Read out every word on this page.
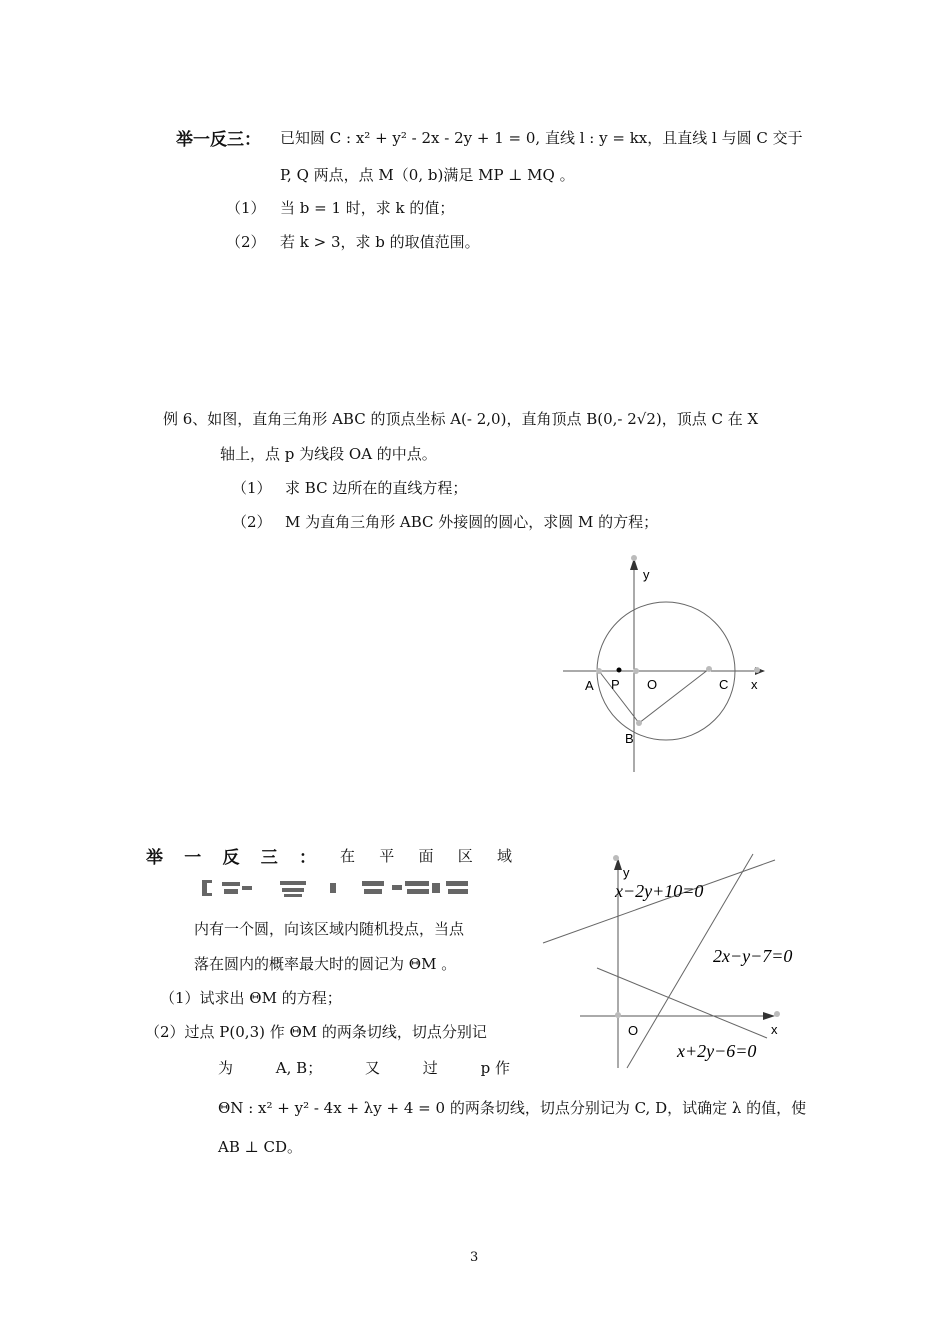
举一反三： 已知圆 C : x² + y² - 2x - 2y + 1 = 0, 直线 l : y = kx，且直线 l 与圆 C 交于
P, Q 两点，点 M（0, b)满足 MP ⊥ MQ 。
（1） 当 b = 1 时，求 k 的值；
（2） 若 k > 3，求 b 的取值范围。
例 6、如图，直角三角形 ABC 的顶点坐标 A(- 2,0)，直角顶点 B(0,- 2√2)，顶点 C 在 X
轴上，点 p 为线段 OA 的中点。
（1） 求 BC 边所在的直线方程；
（2） M 为直角三角形 ABC 外接圆的圆心，求圆 M 的方程；
y
x
A P O	C
B
举 一 反 三 ： 在 平 面 区 域
内有一个圆，向该区域内随机投点，当点
落在圆内的概率最大时的圆记为 ΘM 。
（1）试求出 ΘM 的方程；
（2）过点 P(0,3) 作 ΘM 的两条切线，切点分别记
为	A, B；	又	过	p 作
ΘN : x² + y² - 4x + λy + 4 = 0 的两条切线，切点分别记为 C, D，试确定 λ 的值，使
AB ⊥ CD。
y
x
O
x−2y+10=0
2x−y−7=0
x+2y−6=0
3
